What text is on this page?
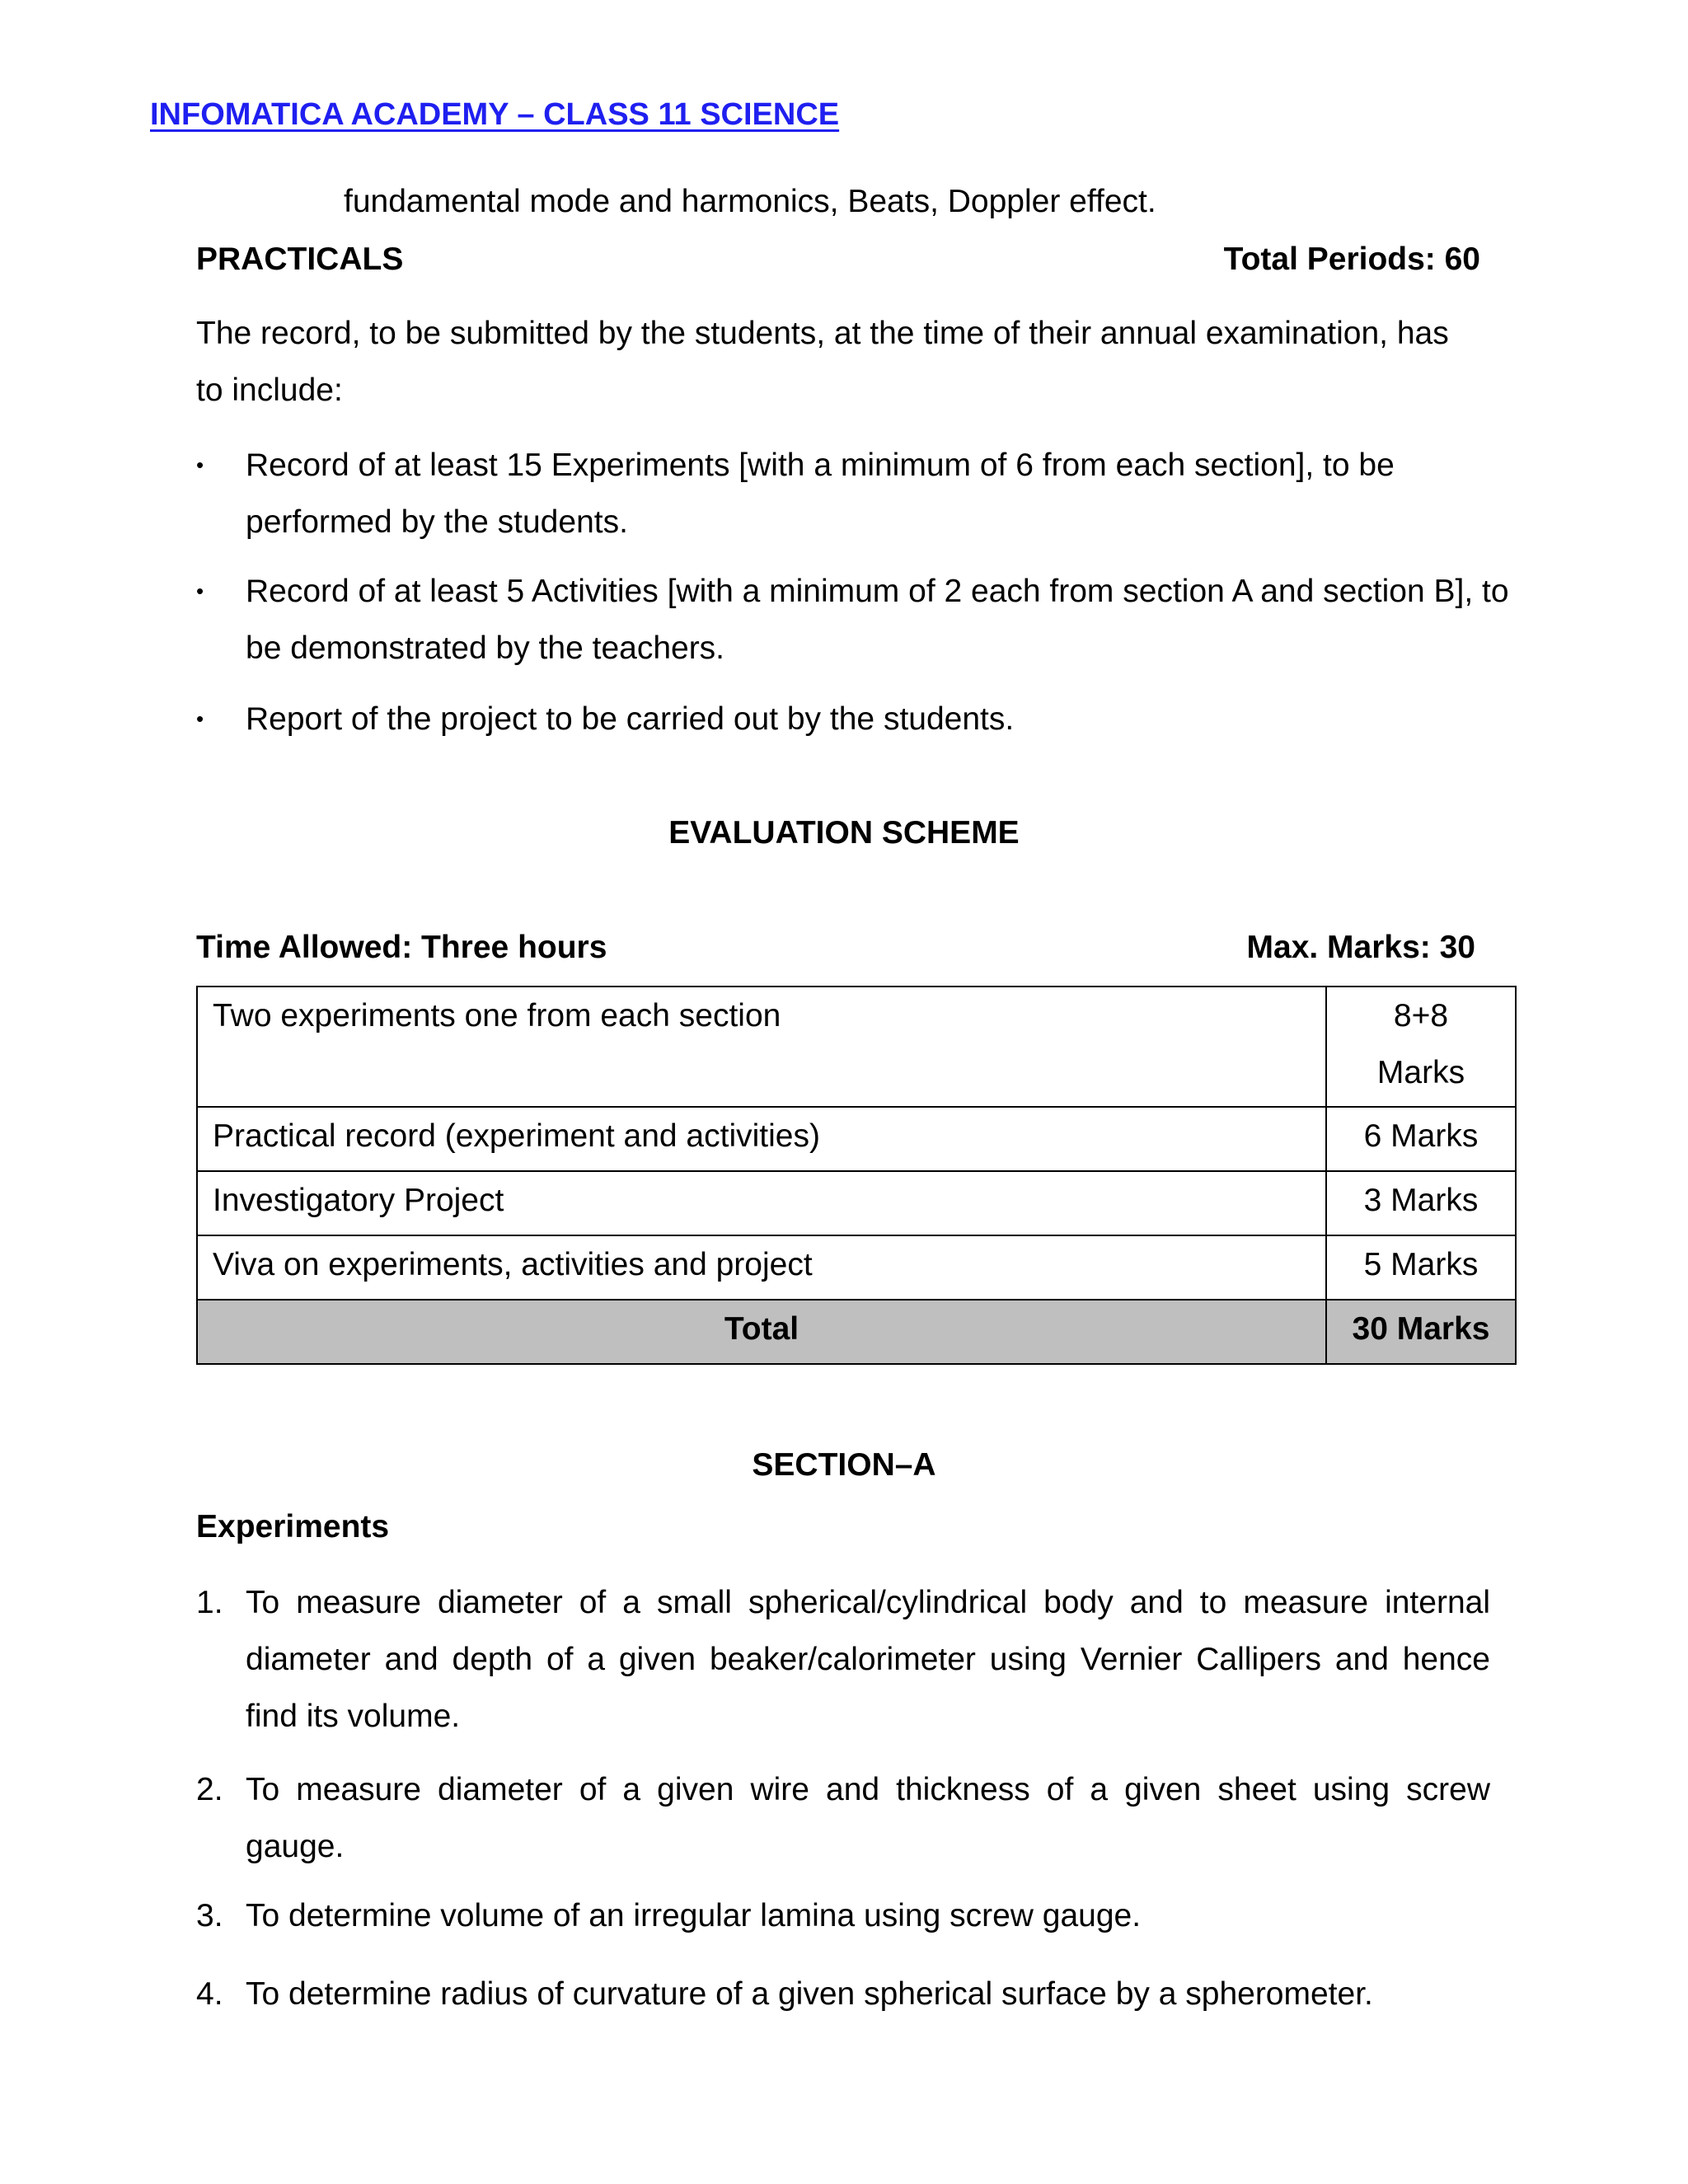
INFOMATICA ACADEMY – CLASS 11 SCIENCE
fundamental mode and harmonics, Beats, Doppler effect.
PRACTICALS	Total Periods: 60
The record, to be submitted by the students, at the time of their annual examination, has to include:
•	Record of at least 15 Experiments [with a minimum of 6 from each section], to be performed by the students.
•	Record of at least 5 Activities [with a minimum of 2 each from section A and section B], to be demonstrated by the teachers.
•	Report of the project to be carried out by the students.
EVALUATION SCHEME
Time Allowed: Three hours	Max. Marks: 30
Two experiments one from each section	8+8
Marks

Practical record (experiment and activities)	6 Marks
Investigatory Project	3 Marks
Viva on experiments, activities and project	5 Marks
Total	30 Marks
SECTION–A
Experiments
1. To measure diameter of a small spherical/cylindrical body and to measure internal diameter and depth of a given beaker/calorimeter using Vernier Callipers and hence find its volume.
2. To measure diameter of a given wire and thickness of a given sheet using screw gauge.
3. To determine volume of an irregular lamina using screw gauge.
4. To determine radius of curvature of a given spherical surface by a spherometer.
